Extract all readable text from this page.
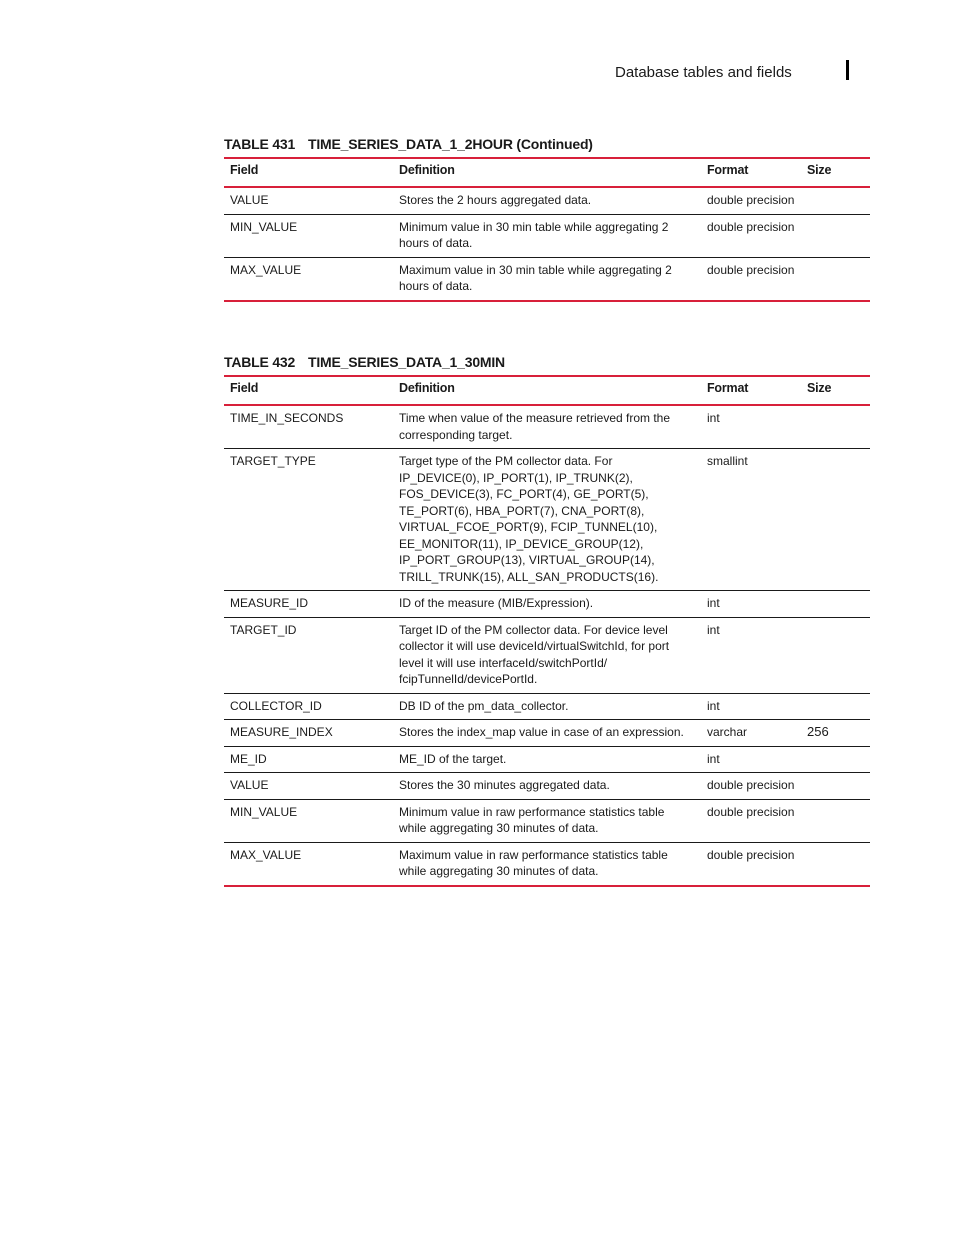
Database tables and fields
TABLE 431 TIME_SERIES_DATA_1_2HOUR (Continued)
Field	Definition	Format	Size
VALUE	Stores the 2 hours aggregated data.	double precision	
MIN_VALUE	Minimum value in 30 min table while aggregating 2 hours of data.	double precision	
MAX_VALUE	Maximum value in 30 min table while aggregating 2 hours of data.	double precision	
TABLE 432 TIME_SERIES_DATA_1_30MIN
Field	Definition	Format	Size
TIME_IN_SECONDS	Time when value of the measure retrieved from the corresponding target.	int	
TARGET_TYPE	Target type of the PM collector data. For IP_DEVICE(0), IP_PORT(1), IP_TRUNK(2), FOS_DEVICE(3), FC_PORT(4), GE_PORT(5), TE_PORT(6), HBA_PORT(7), CNA_PORT(8), VIRTUAL_FCOE_PORT(9), FCIP_TUNNEL(10), EE_MONITOR(11), IP_DEVICE_GROUP(12), IP_PORT_GROUP(13), VIRTUAL_GROUP(14), TRILL_TRUNK(15), ALL_SAN_PRODUCTS(16).	smallint	
MEASURE_ID	ID of the measure (MIB/Expression).	int	
TARGET_ID	Target ID of the PM collector data. For device level collector it will use deviceId/virtualSwitchId, for port level it will use interfaceId/switchPortId/ fcipTunnelId/devicePortId.	int	
COLLECTOR_ID	DB ID of the pm_data_collector.	int	
MEASURE_INDEX	Stores the index_map value in case of an expression.	varchar	256
ME_ID	ME_ID of the target.	int	
VALUE	Stores the 30 minutes aggregated data.	double precision	
MIN_VALUE	Minimum value in raw performance statistics table while aggregating 30 minutes of data.	double precision	
MAX_VALUE	Maximum value in raw performance statistics table while aggregating 30 minutes of data.	double precision	
